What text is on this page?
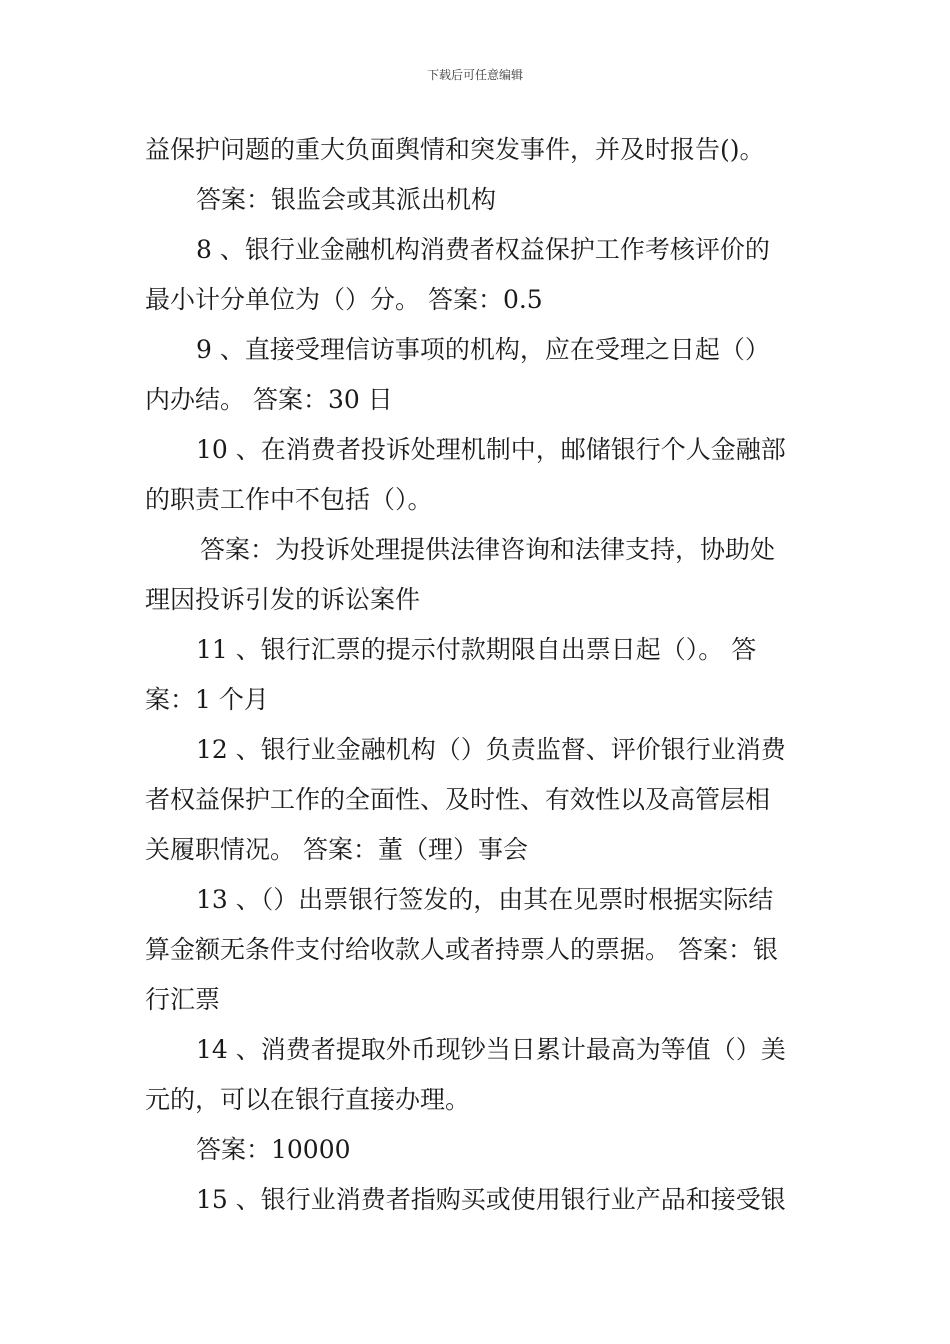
下载后可任意编辑
益保护问题的重大负面舆情和突发事件，并及时报告()。
答案：银监会或其派出机构
8 、银行业金融机构消费者权益保护工作考核评价的
最小计分单位为（）分。 答案：0.5
9 、直接受理信访事项的机构，应在受理之日起（）
内办结。 答案：30 日
10 、在消费者投诉处理机制中，邮储银行个人金融部
的职责工作中不包括（）。
答案：为投诉处理提供法律咨询和法律支持，协助处
理因投诉引发的诉讼案件
11 、银行汇票的提示付款期限自出票日起（）。 答
案：1 个月
12 、银行业金融机构（）负责监督、评价银行业消费
者权益保护工作的全面性、及时性、有效性以及高管层相
关履职情况。 答案：董（理）事会
13 、（）出票银行签发的，由其在见票时根据实际结
算金额无条件支付给收款人或者持票人的票据。 答案：银
行汇票
14 、消费者提取外币现钞当日累计最高为等值（）美
元的，可以在银行直接办理。
答案：10000
15 、银行业消费者指购买或使用银行业产品和接受银
